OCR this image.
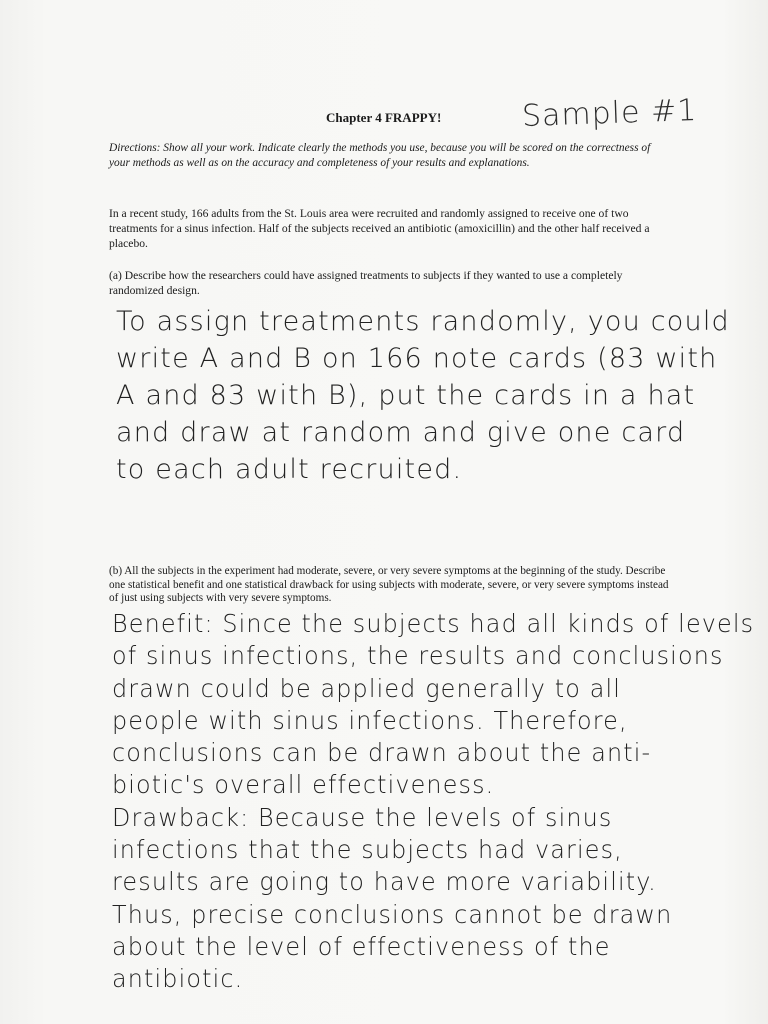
Chapter 4 FRAPPY!	Sample #1
Directions: Show all your work. Indicate clearly the methods you use, because you will be scored on the correctness of your methods as well as on the accuracy and completeness of your results and explanations.
In a recent study, 166 adults from the St. Louis area were recruited and randomly assigned to receive one of two treatments for a sinus infection. Half of the subjects received an antibiotic (amoxicillin) and the other half received a placebo.
(a) Describe how the researchers could have assigned treatments to subjects if they wanted to use a completely randomized design.
To assign treatments randomly, you could
write A and B on 166 note cards (83 with
A and 83 with B), put the cards in a hat
and draw at random and give one card
to each adult recruited.
(b) All the subjects in the experiment had moderate, severe, or very severe symptoms at the beginning of the study. Describe one statistical benefit and one statistical drawback for using subjects with moderate, severe, or very severe symptoms instead of just using subjects with very severe symptoms.
Benefit: Since the subjects had all kinds of levels
of sinus infections, the results and conclusions
drawn could be applied generally to all
people with sinus infections. Therefore,
conclusions can be drawn about the anti-
biotic's overall effectiveness.
Drawback: Because the levels of sinus
infections that the subjects had varies,
results are going to have more variability.
Thus, precise conclusions cannot be drawn
about the level of effectiveness of the
antibiotic.
